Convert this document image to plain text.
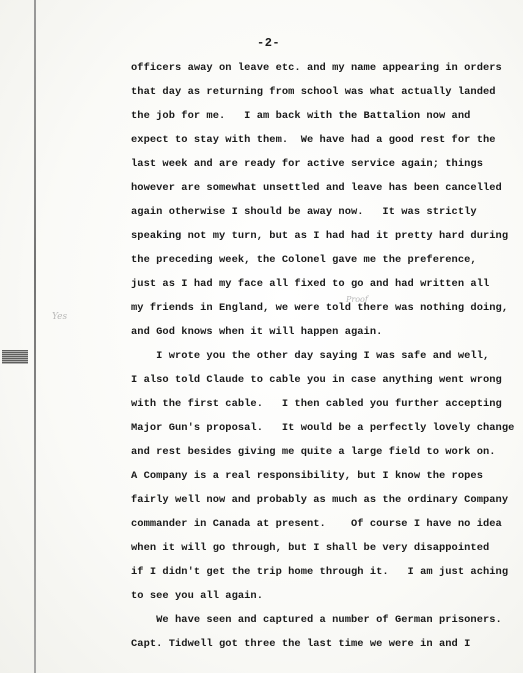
-2-
Yes
Proof
officers away on leave etc. and my name appearing in orders
that day as returning from school was what actually landed
the job for me.   I am back with the Battalion now and
expect to stay with them.  We have had a good rest for the
last week and are ready for active service again; things
however are somewhat unsettled and leave has been cancelled
again otherwise I should be away now.   It was strictly
speaking not my turn, but as I had had it pretty hard during
the preceding week, the Colonel gave me the preference,
just as I had my face all fixed to go and had written all
my friends in England, we were told there was nothing doing,
and God knows when it will happen again.
I wrote you the other day saying I was safe and well,
I also told Claude to cable you in case anything went wrong
with the first cable.   I then cabled you further accepting
Major Gun's proposal.   It would be a perfectly lovely change
and rest besides giving me quite a large field to work on.
A Company is a real responsibility, but I know the ropes
fairly well now and probably as much as the ordinary Company
commander in Canada at present.    Of course I have no idea
when it will go through, but I shall be very disappointed
if I didn't get the trip home through it.   I am just aching
to see you all again.
We have seen and captured a number of German prisoners.
Capt. Tidwell got three the last time we were in and I
